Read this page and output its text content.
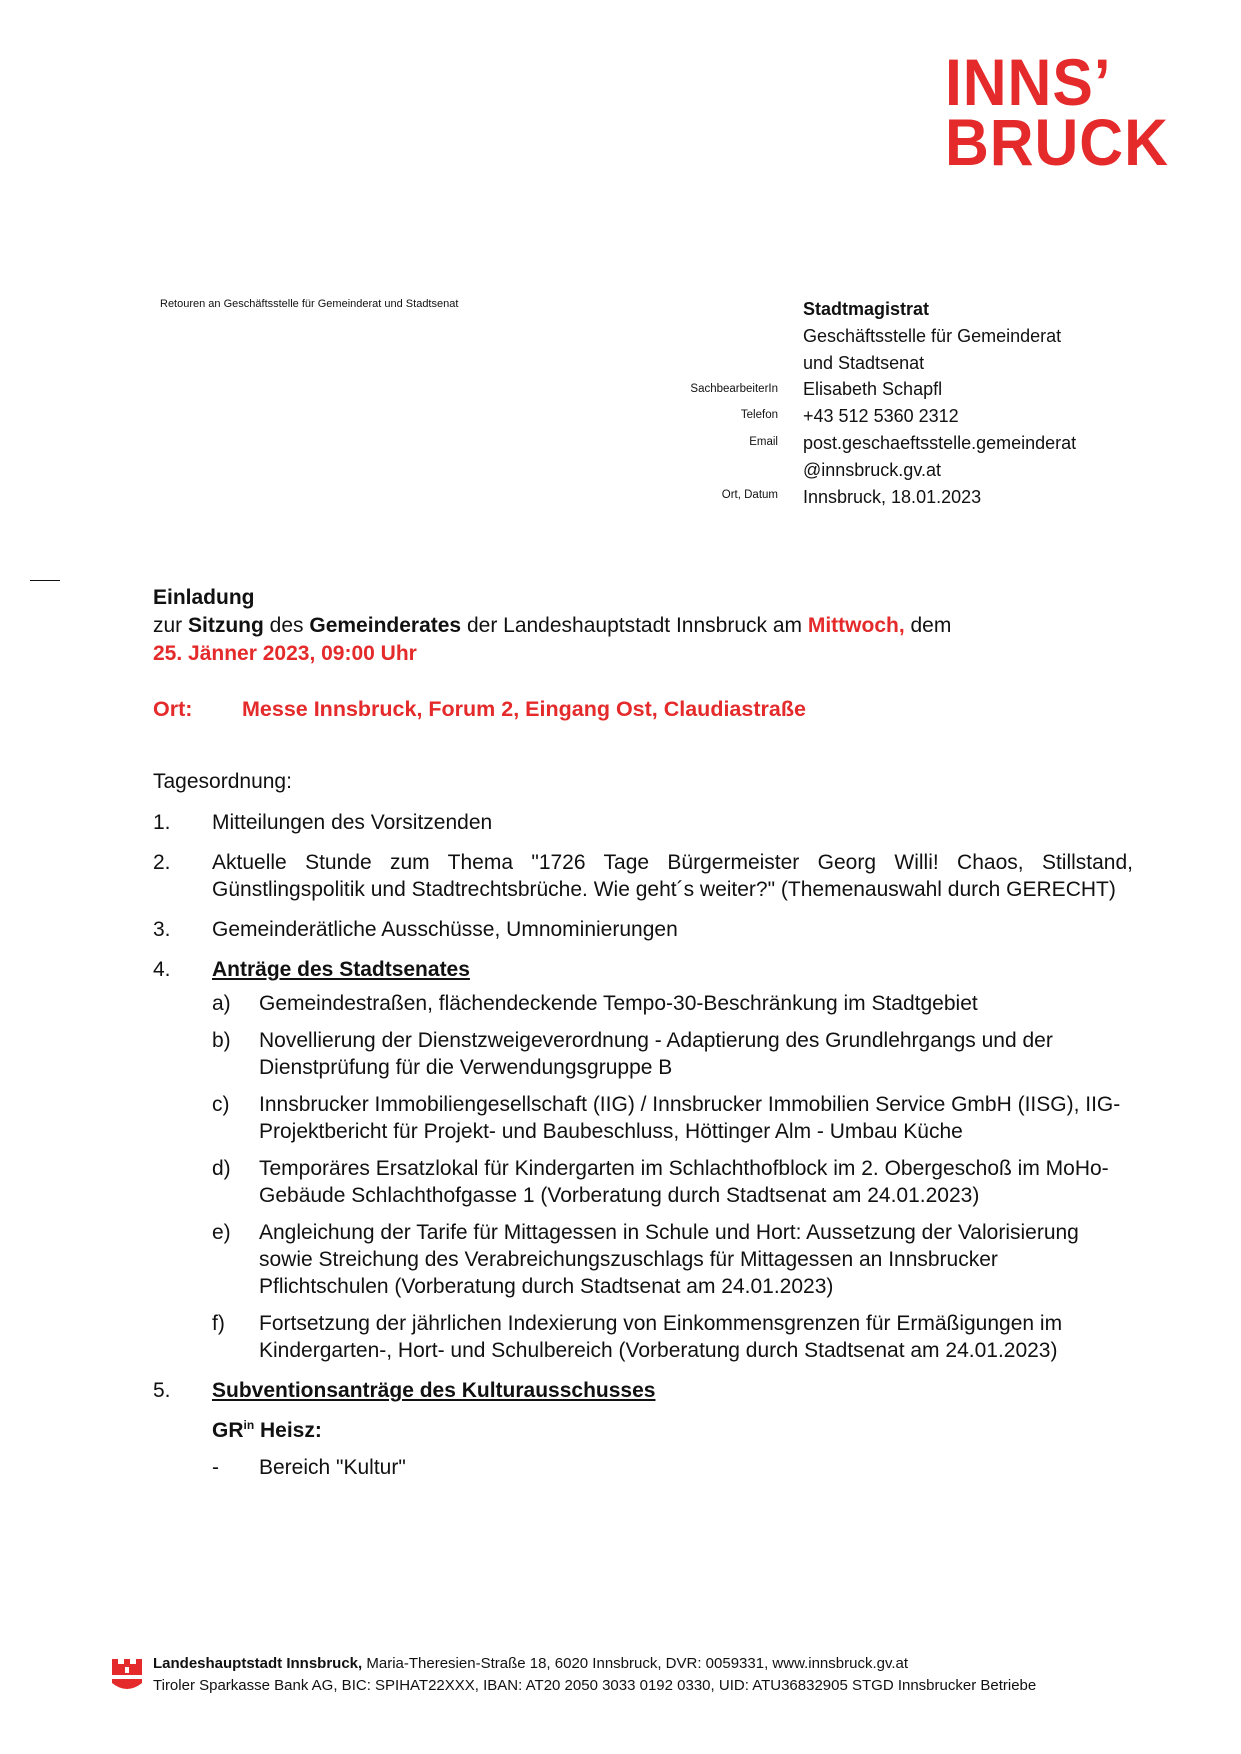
INNS’
BRUCK
Retouren an Geschäftsstelle für Gemeinderat und Stadtsenat	Stadtmagistrat
Geschäftsstelle für Gemeinderat
und Stadtsenat
Elisabeth Schapfl
+43 512 5360 2312
post.geschaeftsstelle.gemeinderat
@innsbruck.gv.at
Innsbruck, 18.01.2023
SachbearbeiterIn
Telefon
Email
Ort, Datum
Einladung
zur Sitzung des Gemeinderates der Landeshauptstadt Innsbruck am Mittwoch, dem
25. Jänner 2023, 09:00 Uhr
Ort: Messe Innsbruck, Forum 2, Eingang Ost, Claudiastraße
Tagesordnung:
1. Mitteilungen des Vorsitzenden
2. Aktuelle Stunde zum Thema "1726 Tage Bürgermeister Georg Willi! Chaos, Stillstand, Günstlingspolitik und Stadtrechtsbrüche. Wie geht´s weiter?" (Themenauswahl durch GERECHT)
3. Gemeinderätliche Ausschüsse, Umnominierungen
4. Anträge des Stadtsenates
a) Gemeindestraßen, flächendeckende Tempo-30-Beschränkung im Stadtgebiet
b) Novellierung der Dienstzweigeverordnung - Adaptierung des Grundlehrgangs und der Dienstprüfung für die Verwendungsgruppe B
c) Innsbrucker Immobiliengesellschaft (IIG) / Innsbrucker Immobilien Service GmbH (IISG), IIG-Projektbericht für Projekt- und Baubeschluss, Höttinger Alm - Umbau Küche
d) Temporäres Ersatzlokal für Kindergarten im Schlachthofblock im 2. Obergeschoß im MoHo-Gebäude Schlachthofgasse 1 (Vorberatung durch Stadtsenat am 24.01.2023)
e) Angleichung der Tarife für Mittagessen in Schule und Hort: Aussetzung der Valorisierung sowie Streichung des Verabreichungszuschlags für Mittagessen an Innsbrucker Pflichtschulen (Vorberatung durch Stadtsenat am 24.01.2023)
f) Fortsetzung der jährlichen Indexierung von Einkommensgrenzen für Ermäßigungen im Kindergarten-, Hort- und Schulbereich (Vorberatung durch Stadtsenat am 24.01.2023)
5. Subventionsanträge des Kulturausschusses
$GR^{in}$ Heisz:
- Bereich "Kultur"
Landeshauptstadt Innsbruck, Maria-Theresien-Straße 18, 6020 Innsbruck, DVR: 0059331, www.innsbruck.gv.at
Tiroler Sparkasse Bank AG, BIC: SPIHAT22XXX, IBAN: AT20 2050 3033 0192 0330, UID: ATU36832905 STGD Innsbrucker Betriebe
